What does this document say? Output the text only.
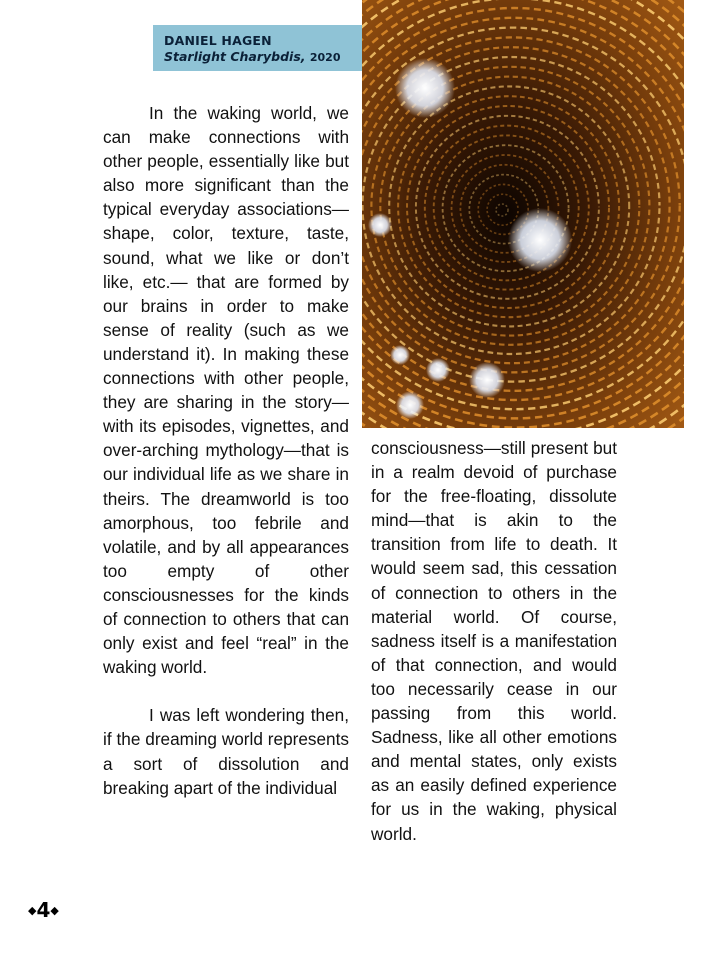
DANIEL HAGEN
Starlight Charybdis, 2020

In the waking world, we can make connections with other people, essentially like but also more significant than the typical everyday associations—shape, color, texture, taste, sound, what we like or don’t like, etc.— that are formed by our brains in order to make sense of reality (such as we understand it). In making these connections with other people, they are sharing in the story—with its episodes, vignettes, and over-arching mythology—that is our individual life as we share in theirs. The dreamworld is too amorphous, too febrile and volatile, and by all appearances too empty of other consciousnesses for the kinds of connection to others that can only exist and feel “real” in the waking world.

I was left wondering then, if the dreaming world represents a sort of dissolution and breaking apart of the individual

consciousness—still present but in a realm devoid of purchase for the free-floating, dissolute mind—that is akin to the transition from life to death. It would seem sad, this cessation of connection to others in the material world. Of course, sadness itself is a manifestation of that connection, and would too necessarily cease in our passing from this world. Sadness, like all other emotions and mental states, only exists as an easily defined experience for us in the waking, physical world.

◆4◆
